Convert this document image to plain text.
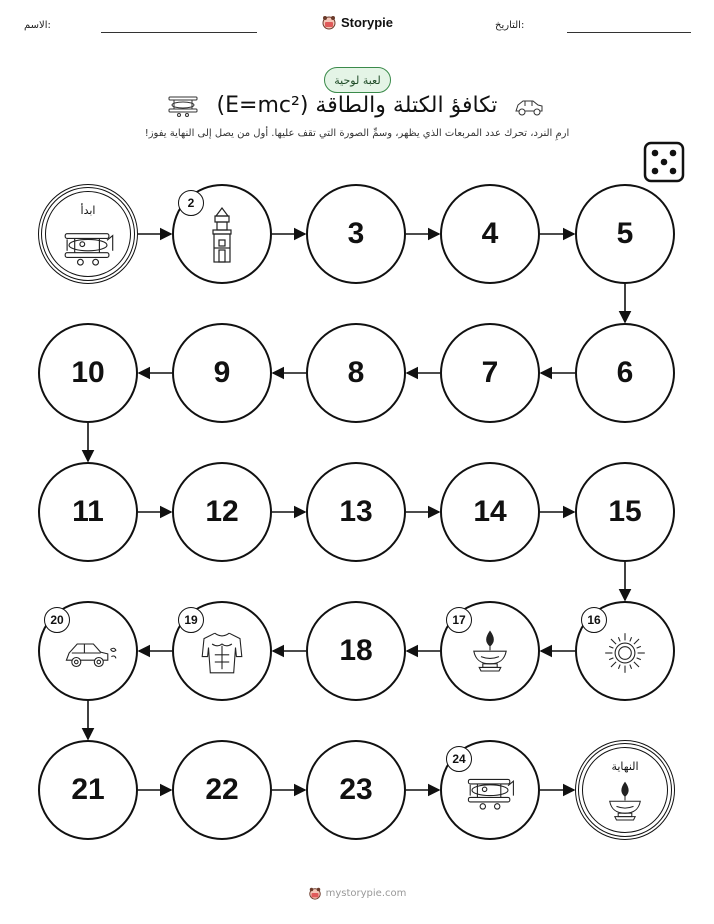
الاسم:	Storypie	التاريخ:
لعبة لوحية
تكافؤ الكتلة والطاقة (E=mc²)
ارمِ النرد، تحرك عدد المربعات الذي يظهر، وسمِّ الصورة التي تقف عليها. أول من يصل إلى النهاية يفوز!
ابدأ
2
3	4	5
6
7
8
9
10
11	12	13	14	15
16
17
18
19
20
21	22	23
24
النهاية
mystorypie.com
